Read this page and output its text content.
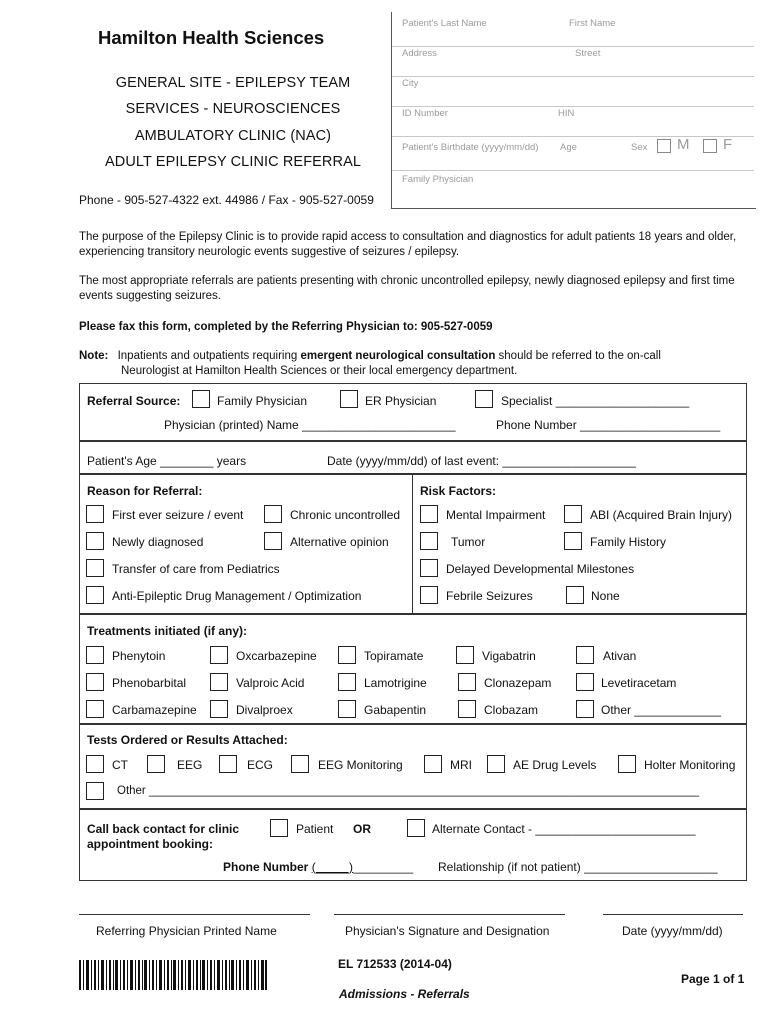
Hamilton Health Sciences
GENERAL SITE - EPILEPSY TEAM
SERVICES - NEUROSCIENCES
AMBULATORY CLINIC (NAC)
ADULT EPILEPSY CLINIC REFERRAL
Phone - 905-527-4322 ext. 44986 / Fax - 905-527-0059
Patient's Last Name	First Name
Address	Street
City
ID Number	HIN
Patient's Birthdate (yyyy/mm/dd) Age	Sex M F
Family Physician
The purpose of the Epilepsy Clinic is to provide rapid access to consultation and diagnostics for adult patients 18 years and older, experiencing transitory neurologic events suggestive of seizures / epilepsy.
The most appropriate referrals are patients presenting with chronic uncontrolled epilepsy, newly diagnosed epilepsy and first time events suggesting seizures.
Please fax this form, completed by the Referring Physician to: 905-527-0059
Note: Inpatients and outpatients requiring emergent neurological consultation should be referred to the on-call
Neurologist at Hamilton Health Sciences or their local emergency department.
Referral Source:	Family Physician	ER Physician	Specialist ____________________
Physician (printed) Name _______________________	Phone Number _____________________
Patient's Age ________ years	Date (yyyy/mm/dd) of last event: ____________________
Reason for Referral:	Risk Factors:
First ever seizure / event	Chronic uncontrolled
Newly diagnosed	Alternative opinion
Transfer of care from Pediatrics
Anti-Epileptic Drug Management / Optimization
Mental Impairment	ABI (Acquired Brain Injury)
Tumor	Family History
Delayed Developmental Milestones
Febrile Seizures	None
Treatments initiated (if any):
Phenytoin	Oxcarbazepine	Topiramate	Vigabatrin	Ativan
Phenobarbital	Valproic Acid	Lamotrigine	Clonazepam	Levetiracetam
Carbamazepine	Divalproex	Gabapentin	Clobazam	Other _____________
Tests Ordered or Results Attached:
CT	EEG	ECG	EEG Monitoring	MRI	AE Drug Levels	Holter Monitoring
Other ______________________________________________________________________________________
Call back contact for clinic
appointment booking:
Patient OR	Alternate Contact - ________________________
Phone Number (_____)_________ Relationship (if not patient) ____________________
Referring Physician Printed Name	Physician's Signature and Designation	Date (yyyy/mm/dd)
EL 712533 (2014-04)
Admissions - Referrals
Page 1 of 1
